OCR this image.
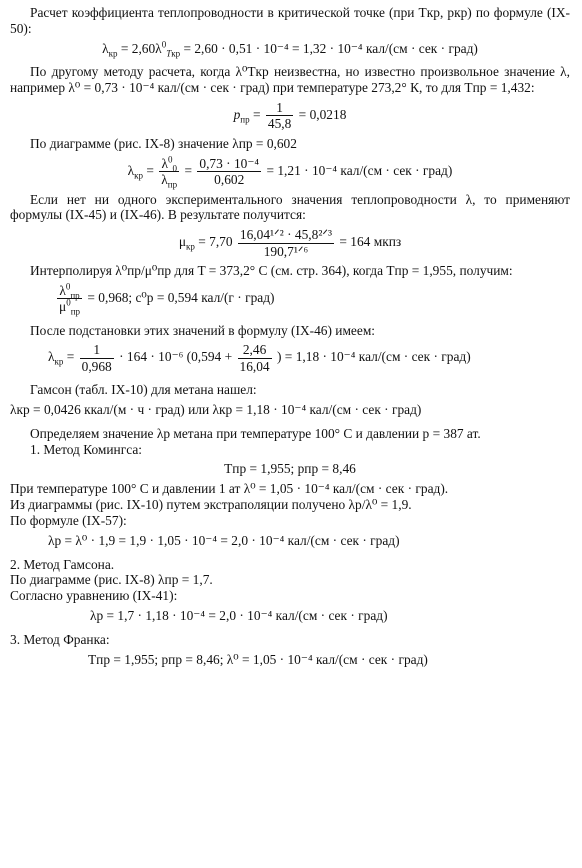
Расчет коэффициента теплопроводности в критической точке (при Tкр, pкр) по формуле (IX-50):

$\lambda_{кр} = 2,60\lambda^0_{Tкр} = 2,60 \cdot 0,51 \cdot 10^{-4} = 1,32 \cdot 10^{-4}$ кал/(см · сек · град)

По другому методу расчета, когда λ⁰Tкр неизвестна, но известно произвольное значение λ, например λ⁰ = 0,73 · 10⁻⁴ кал/(см · сек · град) при температуре 273,2° К, то для Tпр = 1,432:

$p_{пр} = \frac{1}{45,8} = 0,0218$

По диаграмме (рис. IX-8) значение λпр = 0,602

$\lambda_{кр} = \frac{\lambda^0_0}{\lambda_{пр}} = \frac{\text{0,73 · 10⁻⁴}}{0,602} = 1,21 \cdot 10^{-4}$ кал/(см · сек · град)

Если нет ни одного экспериментального значения теплопроводности λ, то применяют формулы (IX-45) и (IX-46). В результате получится:

$\mu_{кр} = 7,70 \frac{\text{16,04¹ᐟ² · 45,8²ᐟ³}}{\text{190,7¹ᐟ⁶}} = 164$ мкпз

Интерполируя λ⁰пр/μ⁰пр для T = 373,2° С (см. стр. 364), когда Tпр = 1,955, получим:

$\frac{\lambda^0_{пр}}{\mu^0_{пр}} = 0,968$; c⁰p = 0,594 кал/(г · град)

После подстановки этих значений в формулу (IX-46) имеем:

$\lambda_{кр} = \frac{1}{0,968} \cdot 164 \cdot 10^{-6}$ ($0,594 + \frac{2,46}{16,04}$ ) = 1,18 · 10⁻⁴ кал/(см · сек · град)

Гамсон (табл. IX-10) для метана нашел:

λкр = 0,0426 ккал/(м · ч · град) или λкр = 1,18 · 10⁻⁴ кал/(см · сек · град)

Определяем значение λp метана при температуре 100° С и давлении p = 387 ат.

1. Метод Комингса:

Tпр = 1,955; pпр = 8,46

При температуре 100° С и давлении 1 ат λ⁰ = 1,05 · 10⁻⁴ кал/(см · сек · град).

Из диаграммы (рис. IX-10) путем экстраполяции получено λp/λ⁰ = 1,9.

По формуле (IX-57):

λp = λ⁰ · 1,9 = 1,9 · 1,05 · 10⁻⁴ = 2,0 · 10⁻⁴ кал/(см · сек · град)

2. Метод Гамсона.

По диаграмме (рис. IX-8) λпр = 1,7.

Согласно уравнению (IX-41):

λp = 1,7 · 1,18 · 10⁻⁴ = 2,0 · 10⁻⁴ кал/(см · сек · град)

3. Метод Франка:

Tпр = 1,955; pпр = 8,46; λ⁰ = 1,05 · 10⁻⁴ кал/(см · сек · град)
